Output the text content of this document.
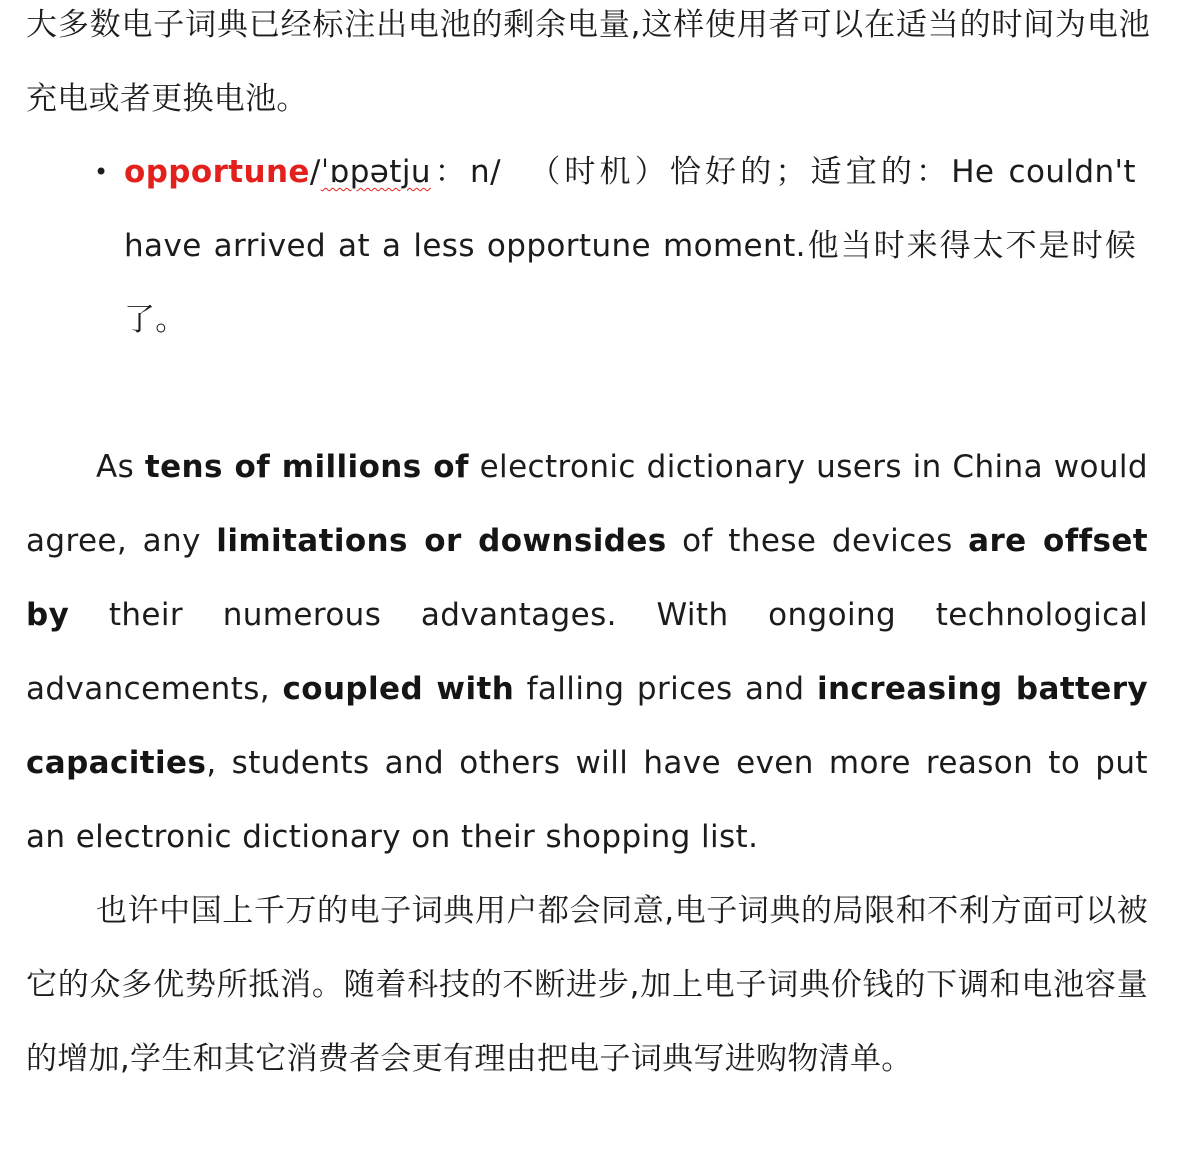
大多数电子词典已经标注出电池的剩余电量,这样使用者可以在适当的时间为电池充电或者更换电池。

• opportune/ˈɒpətju：n/ （时机）恰好的；适宜的：He couldn't have arrived at a less opportune moment.他当时来得太不是时候了。

As tens of millions of electronic dictionary users in China would agree, any limitations or downsides of these devices are offset by their numerous advantages. With ongoing technological advancements, coupled with falling prices and increasing battery capacities, students and others will have even more reason to put an electronic dictionary on their shopping list.

也许中国上千万的电子词典用户都会同意,电子词典的局限和不利方面可以被它的众多优势所抵消。随着科技的不断进步,加上电子词典价钱的下调和电池容量的增加,学生和其它消费者会更有理由把电子词典写进购物清单。
